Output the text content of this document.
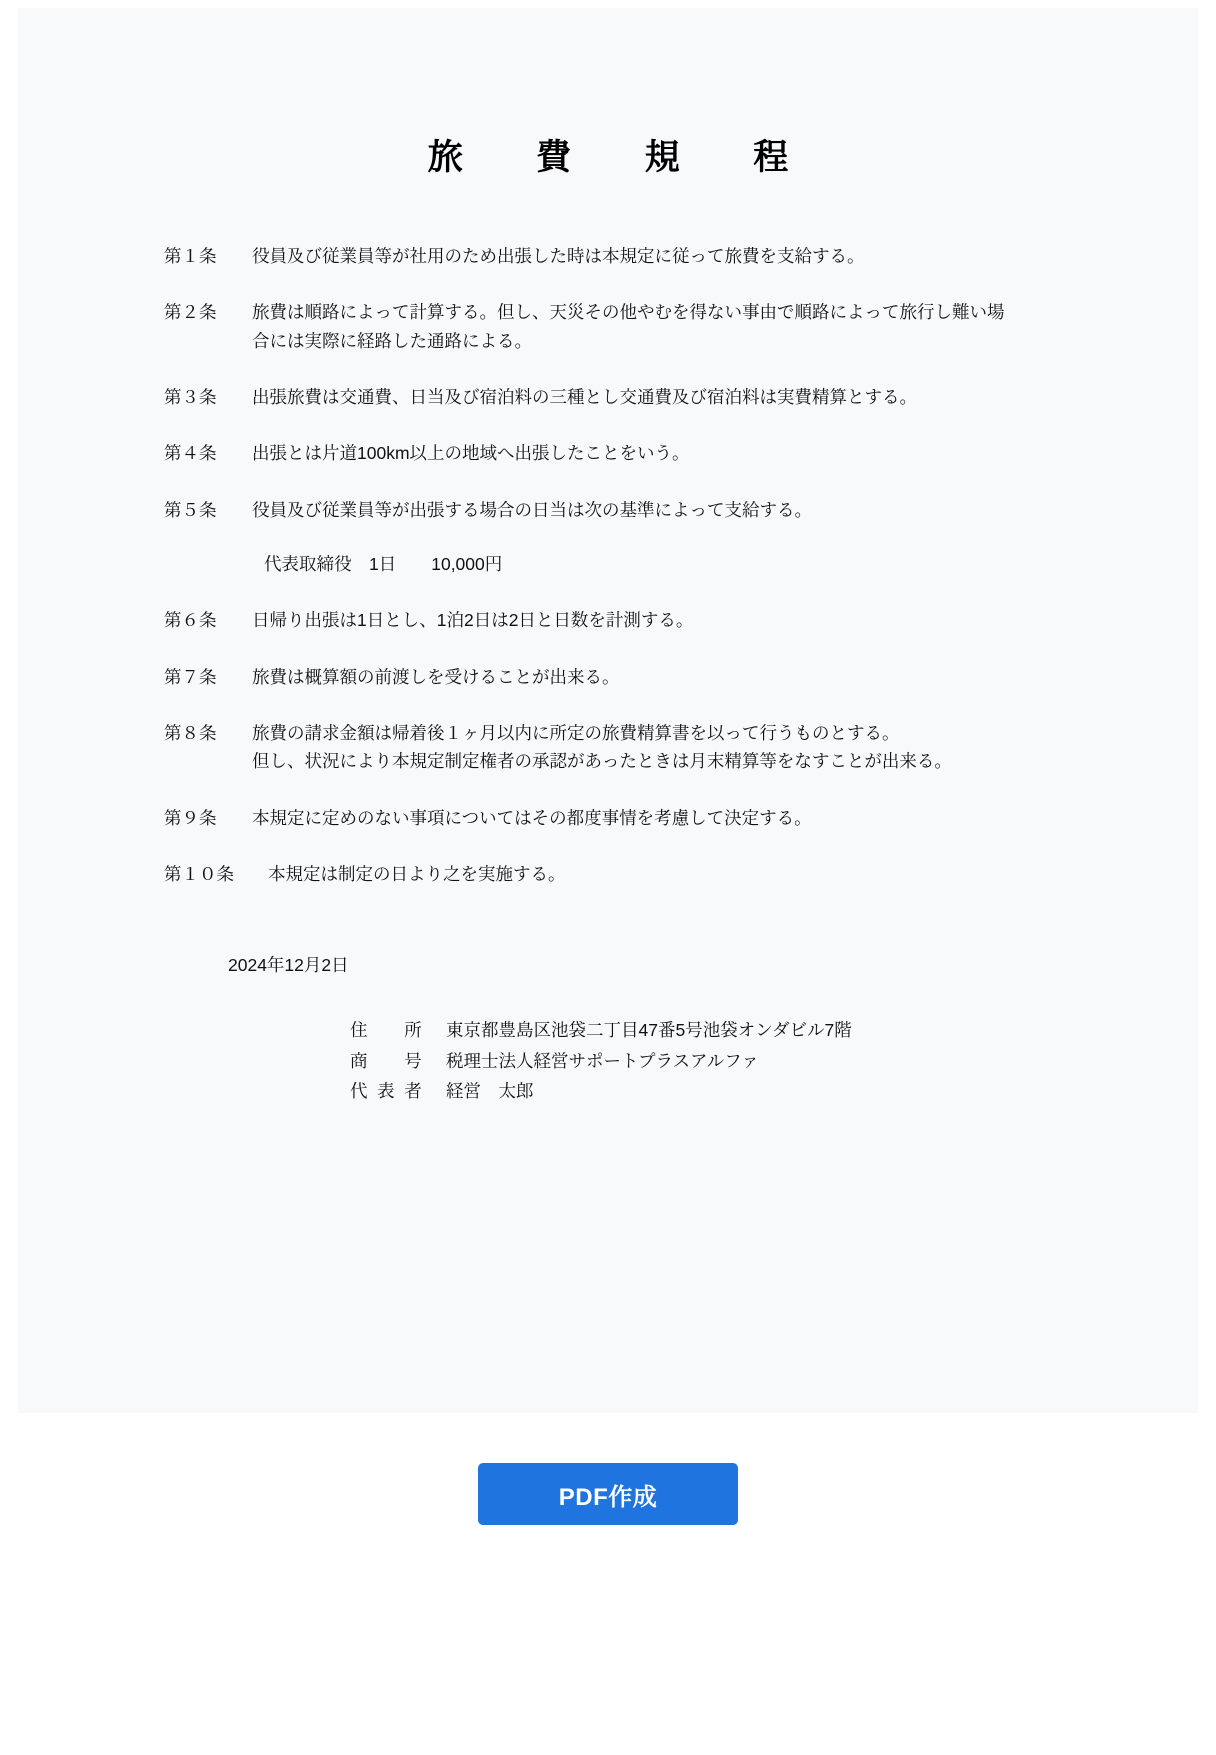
旅　費　規　程
第１条	役員及び従業員等が社用のため出張した時は本規定に従って旅費を支給する。
第２条	旅費は順路によって計算する。但し、天災その他やむを得ない事由で順路によって旅行し難い場
合には実際に経路した通路による。
第３条	出張旅費は交通費、日当及び宿泊料の三種とし交通費及び宿泊料は実費精算とする。
第４条	出張とは片道100km以上の地域へ出張したことをいう。
第５条	役員及び従業員等が出張する場合の日当は次の基準によって支給する。
代表取締役　1日　　10,000円
第６条	日帰り出張は1日とし、1泊2日は2日と日数を計測する。
第７条	旅費は概算額の前渡しを受けることが出来る。
第８条	旅費の請求金額は帰着後１ヶ月以内に所定の旅費精算書を以って行うものとする。
但し、状況により本規定制定権者の承認があったときは月末精算等をなすことが出来る。
第９条	本規定に定めのない事項についてはその都度事情を考慮して決定する。
第１０条	本規定は制定の日より之を実施する。
2024年12月2日
住　所 東京都豊島区池袋二丁目47番5号池袋オンダビル7階
商　号 税理士法人経営サポートプラスアルファ
代表者 経営　太郎
PDF作成
